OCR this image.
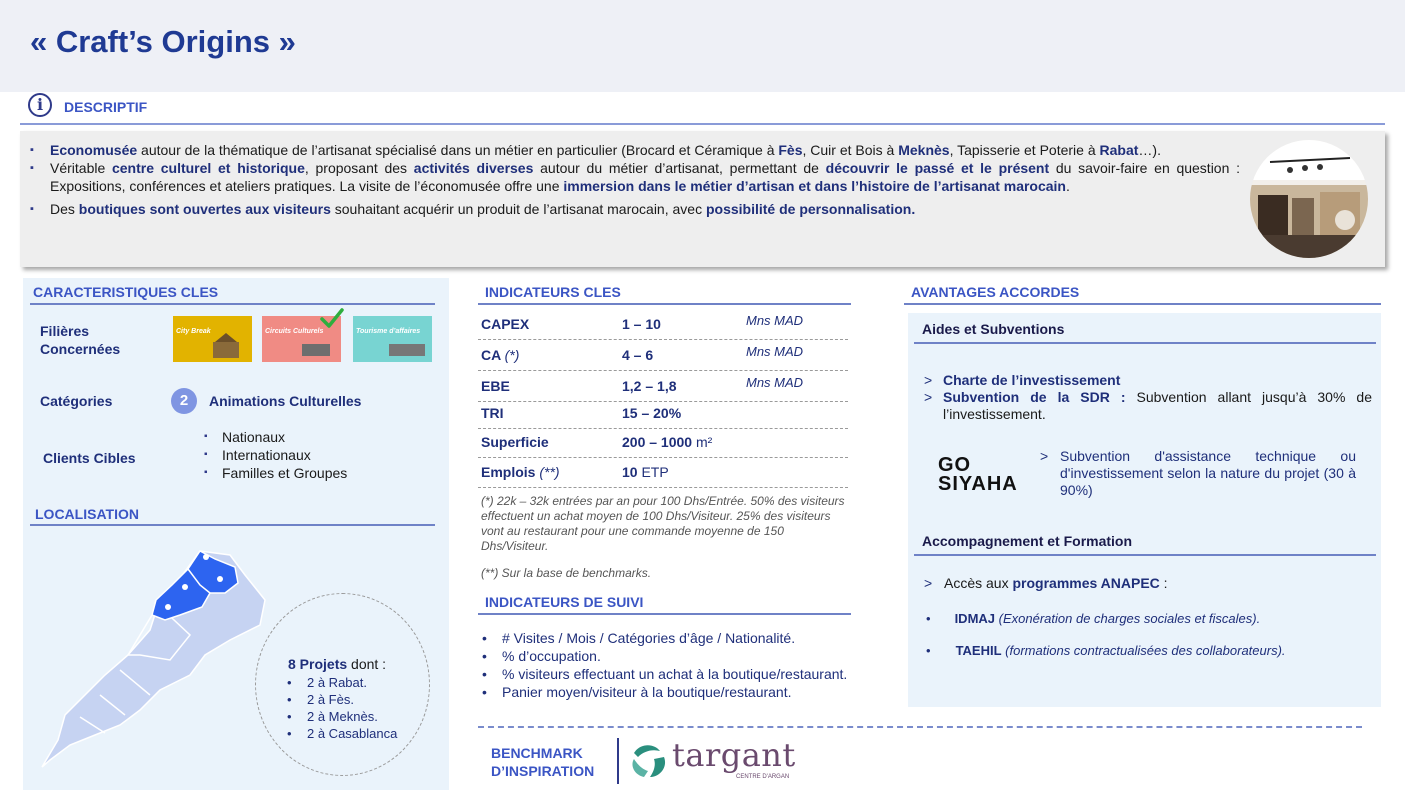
« Craft’s Origins »
i	DESCRIPTIF
▪ Economusée autour de la thématique de l’artisanat spécialisé dans un métier en particulier (Brocard et Céramique à Fès, Cuir et Bois à Meknès, Tapisserie et Poterie à Rabat…).
▪ Véritable centre culturel et historique, proposant des activités diverses autour du métier d’artisanat, permettant de découvrir le passé et le présent du savoir-faire en question : Expositions, conférences et ateliers pratiques. La visite de l’économusée offre une immersion dans le métier d’artisan et dans l’histoire de l’artisanat marocain.
▪ Des boutiques sont ouvertes aux visiteurs souhaitant acquérir un produit de l’artisanat marocain, avec possibilité de personnalisation.
CARACTERISTIQUES CLES
Filières Concernées
City Break	Circuits Culturels	Tourisme d’affaires
Catégories	2	Animations Culturelles
Clients Cibles
▪ Nationaux
▪ Internationaux
▪ Familles et Groupes
LOCALISATION
8 Projets dont :
• 2 à Rabat.
• 2 à Fès.
• 2 à Meknès.
• 2 à Casablanca
INDICATEURS CLES
CAPEX	1 – 10	Mns MAD
CA (*)	4 – 6	Mns MAD
EBE	1,2 – 1,8	Mns MAD
TRI	15 – 20%
Superficie	200 – 1000 m²
Emplois (**)	10 ETP
(*) 22k – 32k entrées par an pour 100 Dhs/Entrée. 50% des visiteurs effectuent un achat moyen de 100 Dhs/Visiteur. 25% des visiteurs vont au restaurant pour une commande moyenne de 150 Dhs/Visiteur.
(**) Sur la base de benchmarks.
INDICATEURS DE SUIVI
• # Visites / Mois / Catégories d’âge / Nationalité.
• % d’occupation.
• % visiteurs effectuant un achat à la boutique/restaurant.
• Panier moyen/visiteur à la boutique/restaurant.
AVANTAGES ACCORDES
Aides et Subventions
> Charte de l’investissement
> Subvention de la SDR : Subvention allant jusqu’à 30% de l’investissement.
GO
SIYAHA
> Subvention d'assistance technique ou d'investissement selon la nature du projet (30 à 90%)
Accompagnement et Formation
> Accès aux programmes ANAPEC :
• IDMAJ (Exonération de charges sociales et fiscales).
• TAEHIL (formations contractualisées des collaborateurs).
BENCHMARK D’INSPIRATION	targant
CENTRE D'ARGAN
